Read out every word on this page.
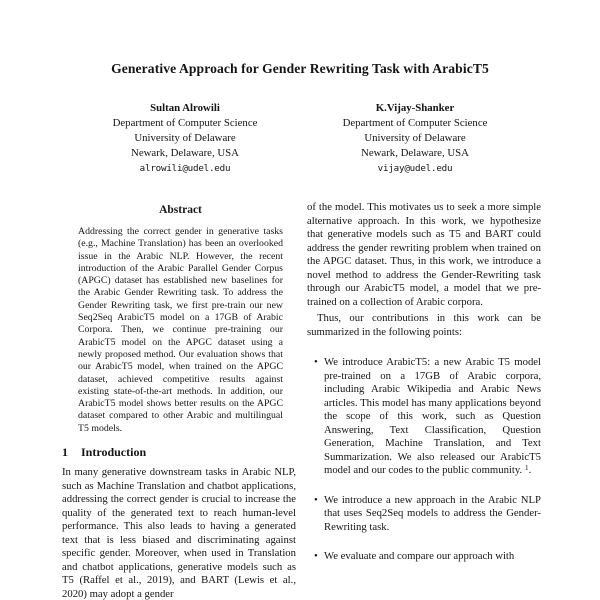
Generative Approach for Gender Rewriting Task with ArabicT5
Sultan Alrowili
Department of Computer Science
University of Delaware
Newark, Delaware, USA
alrowili@udel.edu
K.Vijay-Shanker
Department of Computer Science
University of Delaware
Newark, Delaware, USA
vijay@udel.edu
Abstract
Addressing the correct gender in generative tasks (e.g., Machine Translation) has been an overlooked issue in the Arabic NLP. However, the recent introduction of the Arabic Parallel Gender Corpus (APGC) dataset has established new baselines for the Arabic Gender Rewriting task. To address the Gender Rewriting task, we first pre-train our new Seq2Seq ArabicT5 model on a 17GB of Arabic Corpora. Then, we continue pre-training our ArabicT5 model on the APGC dataset using a newly proposed method. Our evaluation shows that our ArabicT5 model, when trained on the APGC dataset, achieved competitive results against existing state-of-the-art methods. In addition, our ArabicT5 model shows better results on the APGC dataset compared to other Arabic and multilingual T5 models.
1 Introduction
In many generative downstream tasks in Arabic NLP, such as Machine Translation and chatbot applications, addressing the correct gender is crucial to increase the quality of the generated text to reach human-level performance. This also leads to having a generated text that is less biased and discriminating against specific gender. Moreover, when used in Translation and chatbot applications, generative models such as T5 (Raffel et al., 2019), and BART (Lewis et al., 2020) may adopt a gender
of the model. This motivates us to seek a more simple alternative approach. In this work, we hypothesize that generative models such as T5 and BART could address the gender rewriting problem when trained on the APGC dataset. Thus, in this work, we introduce a novel method to address the Gender-Rewriting task through our ArabicT5 model, a model that we pre-trained on a collection of Arabic corpora.
Thus, our contributions in this work can be summarized in the following points:
• We introduce ArabicT5: a new Arabic T5 model pre-trained on a 17GB of Arabic corpora, including Arabic Wikipedia and Arabic News articles. This model has many applications beyond the scope of this work, such as Question Answering, Text Classification, Question Generation, Machine Translation, and Text Summarization. We also released our ArabicT5 model and our codes to the public community. $^1$.
• We introduce a new approach in the Arabic NLP that uses Seq2Seq models to address the Gender-Rewriting task.
• We evaluate and compare our approach with
